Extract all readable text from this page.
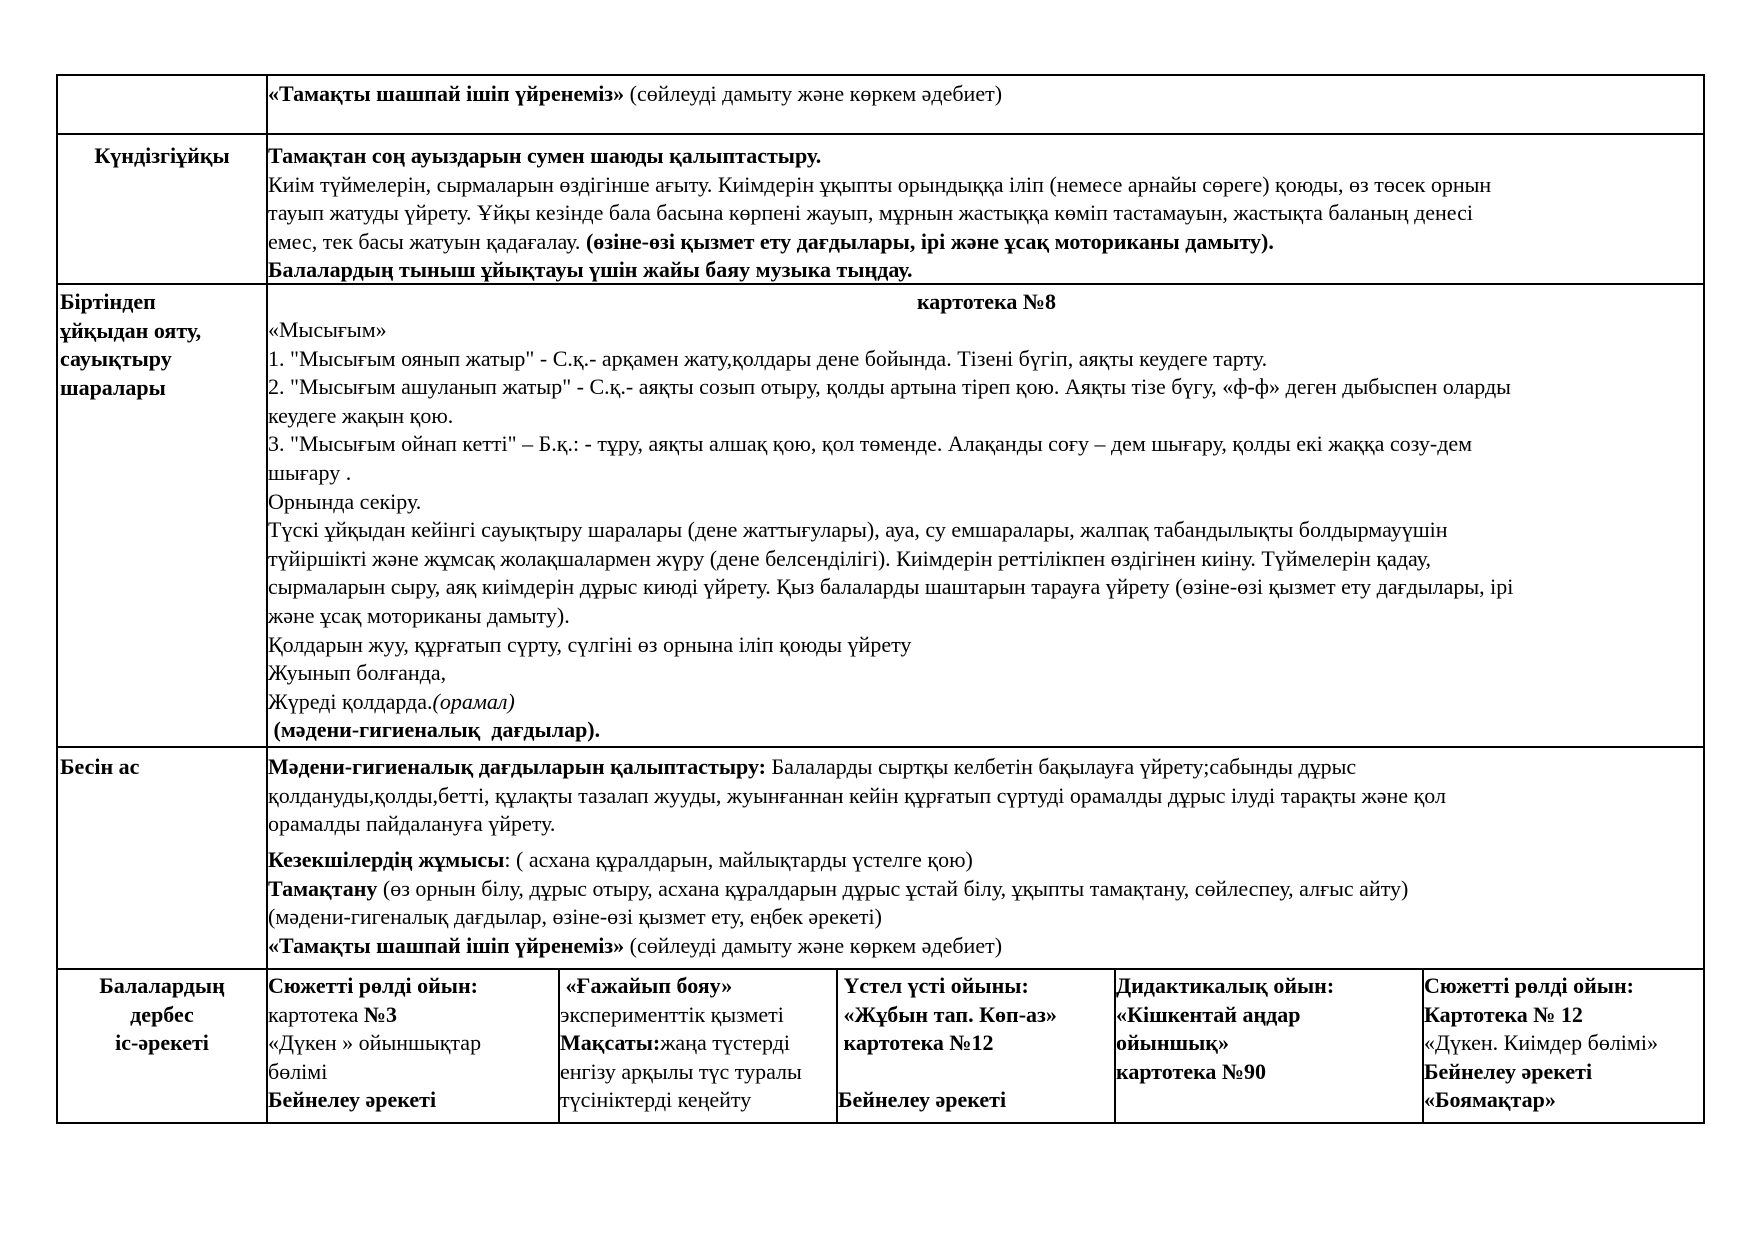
«Тамақты шашпай ішіп үйренеміз» (сөйлеуді дамыту және көркем әдебиет)
Күндізгіұйқы	Тамақтан соң ауыздарын сумен шаюды қалыптастыру.
Киім түймелерін, сырмаларын өздігінше ағыту. Киімдерін ұқыпты орындыққа іліп (немесе арнайы сөреге) қоюды, өз төсек орнын
тауып жатуды үйрету. Ұйқы кезінде бала басына көрпені жауып, мұрнын жастыққа көміп тастамауын, жастықта баланың денесі
емес, тек басы жатуын қадағалау. (өзіне-өзі қызмет ету дағдылары, ірі және ұсақ моториканы дамыту).
Балалардың тыныш ұйықтауы үшін жайы баяу музыка тыңдау.
Біртіндеп
ұйқыдан ояту,
сауықтыру
шаралары
картотека №8
«Мысығым»
1. "Мысығым оянып жатыр" - С.қ.- арқамен жату,қолдары дене бойында. Тізені бүгіп, аяқты кеудеге тарту.
2. "Мысығым ашуланып жатыр" - С.қ.- аяқты созып отыру, қолды артына тіреп қою. Аяқты тізе бүгу, «ф-ф» деген дыбыспен оларды
кеудеге жақын қою.
3. "Мысығым ойнап кетті" – Б.қ.: - тұру, аяқты алшақ қою, қол төменде. Алақанды соғу – дем шығару, қолды екі жаққа созу-дем
шығару .
Орнында секіру.
Түскі ұйқыдан кейінгі сауықтыру шаралары (дене жаттығулары), ауа, су емшаралары, жалпақ табандылықты болдырмауүшін
түйіршікті және жұмсақ жолақшалармен жүру (дене белсенділігі). Киімдерін реттілікпен өздігінен киіну. Түймелерін қадау,
сырмаларын сыру, аяқ киімдерін дұрыс киюді үйрету. Қыз балаларды шаштарын тарауға үйрету (өзіне-өзі қызмет ету дағдылары, ірі
және ұсақ моториканы дамыту).
Қолдарын жуу, құрғатып сүрту, сүлгіні өз орнына іліп қоюды үйрету
Жуынып болғанда,
Жүреді қолдарда.(орамал)
(мәдени-гигиеналық  дағдылар).
Бесін ас	Мәдени-гигиеналық дағдыларын қалыптастыру: Балаларды сыртқы келбетін бақылауға үйрету;сабынды дұрыс
қолдануды,қолды,бетті, құлақты тазалап жууды, жуынғаннан кейін құрғатып сүртуді орамалды дұрыс ілуді тарақты және қол
орамалды пайдалануға үйрету.
Кезекшілердің жұмысы: ( асхана құралдарын, майлықтарды үстелге қою)
Тамақтану (өз орнын білу, дұрыс отыру, асхана құралдарын дұрыс ұстай білу, ұқыпты тамақтану, сөйлеспеу, алғыс айту)
(мәдени-гигеналық дағдылар, өзіне-өзі қызмет ету, еңбек әрекеті)
«Тамақты шашпай ішіп үйренеміз» (сөйлеуді дамыту және көркем әдебиет)
Балалардың
дербес
іс-әрекеті
Сюжетті рөлді ойын:
картотека №3
«Дүкен » ойыншықтар
бөлімі
Бейнелеу әрекеті
«Ғажайып бояу»
эксперименттік қызметі
Мақсаты:жаңа түстерді
енгізу арқылы түс туралы
түсініктерді кеңейту
Үстел үсті ойыны:
«Жұбын тап. Көп-аз»
картотека №12

Бейнелеу әрекеті
Дидактикалық ойын:
«Кішкентай аңдар
ойыншық»
картотека №90
Сюжетті рөлді ойын:
Картотека № 12
«Дүкен. Киімдер бөлімі»
Бейнелеу әрекеті
«Боямақтар»
